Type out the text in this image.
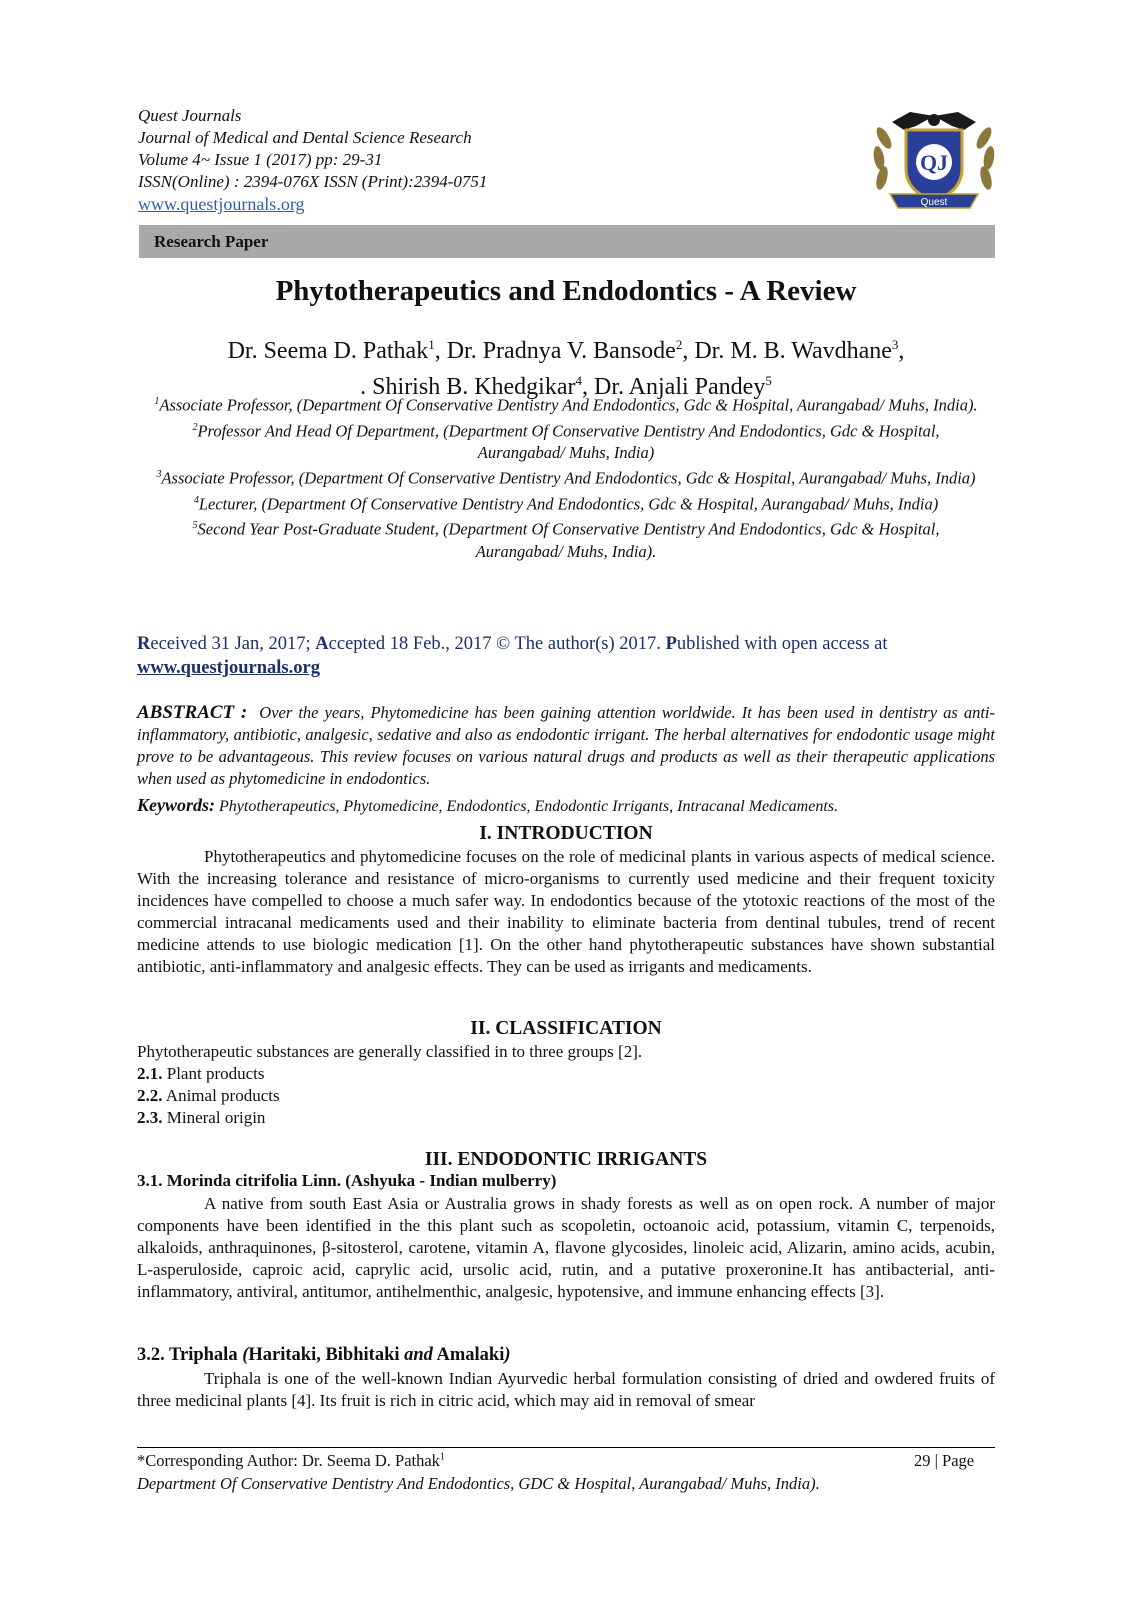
Quest Journals
Journal of Medical and Dental Science Research
Volume 4~ Issue 1 (2017) pp: 29-31
ISSN(Online) : 2394-076X ISSN (Print):2394-0751
www.questjournals.org
QJ
Quest
Research Paper
Phytotherapeutics and Endodontics - A Review
Dr. Seema D. Pathak$^1$, Dr. Pradnya V. Bansode$^2$, Dr. M. B. Wavdhane$^3$,
. Shirish B. Khedgikar$^4$, Dr. Anjali Pandey$^5$
$^1$Associate Professor, (Department Of Conservative Dentistry And Endodontics, Gdc & Hospital, Aurangabad/ Muhs, India).
$^2$Professor And Head Of Department, (Department Of Conservative Dentistry And Endodontics, Gdc & Hospital, Aurangabad/ Muhs, India)
$^3$Associate Professor, (Department Of Conservative Dentistry And Endodontics, Gdc & Hospital, Aurangabad/ Muhs, India)
$^4$Lecturer, (Department Of Conservative Dentistry And Endodontics, Gdc & Hospital, Aurangabad/ Muhs, India)
$^5$Second Year Post-Graduate Student, (Department Of Conservative Dentistry And Endodontics, Gdc & Hospital, Aurangabad/ Muhs, India).
Received 31 Jan, 2017; Accepted 18 Feb., 2017 © The author(s) 2017. Published with open access at
www.questjournals.org
ABSTRACT : Over the years, Phytomedicine has been gaining attention worldwide. It has been used in dentistry as anti-inflammatory, antibiotic, analgesic, sedative and also as endodontic irrigant. The herbal alternatives for endodontic usage might prove to be advantageous. This review focuses on various natural drugs and products as well as their therapeutic applications when used as phytomedicine in endodontics.
Keywords: Phytotherapeutics, Phytomedicine, Endodontics, Endodontic Irrigants, Intracanal Medicaments.
I. INTRODUCTION
Phytotherapeutics and phytomedicine focuses on the role of medicinal plants in various aspects of medical science. With the increasing tolerance and resistance of micro-organisms to currently used medicine and their frequent toxicity incidences have compelled to choose a much safer way. In endodontics because of the ytotoxic reactions of the most of the commercial intracanal medicaments used and their inability to eliminate bacteria from dentinal tubules, trend of recent medicine attends to use biologic medication [1]. On the other hand phytotherapeutic substances have shown substantial antibiotic, anti-inflammatory and analgesic effects. They can be used as irrigants and medicaments.
II. CLASSIFICATION
Phytotherapeutic substances are generally classified in to three groups [2].
2.1. Plant products
2.2. Animal products
2.3. Mineral origin
III. ENDODONTIC IRRIGANTS
3.1. Morinda citrifolia Linn. (Ashyuka - Indian mulberry)
A native from south East Asia or Australia grows in shady forests as well as on open rock. A number of major components have been identified in the this plant such as scopoletin, octoanoic acid, potassium, vitamin C, terpenoids, alkaloids, anthraquinones, β-sitosterol, carotene, vitamin A, flavone glycosides, linoleic acid, Alizarin, amino acids, acubin, L-asperuloside, caproic acid, caprylic acid, ursolic acid, rutin, and a putative proxeronine.It has antibacterial, anti-inflammatory, antiviral, antitumor, antihelmenthic, analgesic, hypotensive, and immune enhancing effects [3].
3.2. Triphala (Haritaki, Bibhitaki and Amalaki)
Triphala is one of the well-known Indian Ayurvedic herbal formulation consisting of dried and owdered fruits of three medicinal plants [4]. Its fruit is rich in citric acid, which may aid in removal of smear
*Corresponding Author: Dr. Seema D. Pathak$^1$	29 | Page
Department Of Conservative Dentistry And Endodontics, GDC & Hospital, Aurangabad/ Muhs, India).
